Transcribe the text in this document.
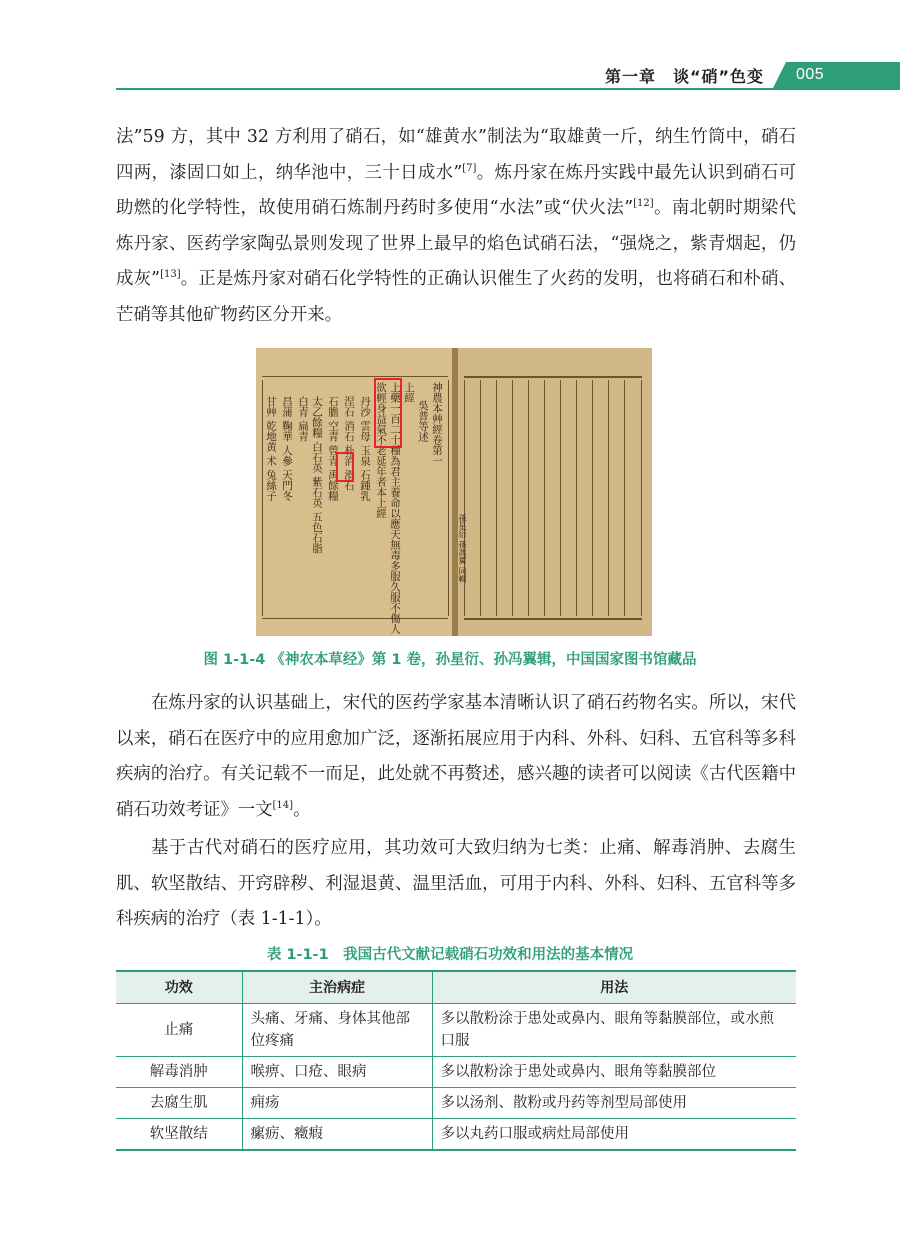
第一章　谈“硝”色变 005
法”59 方，其中 32 方利用了硝石，如“雄黄水”制法为“取雄黄一斤，纳生竹筒中，硝石四两，漆固口如上，纳华池中，三十日成水”[7]。炼丹家在炼丹实践中最先认识到硝石可助燃的化学特性，故使用硝石炼制丹药时多使用“水法”或“伏火法”[12]。南北朝时期梁代炼丹家、医药学家陶弘景则发现了世界上最早的焰色试硝石法，“强烧之，紫青烟起，仍成灰”[13]。正是炼丹家对硝石化学特性的正确认识催生了火药的发明，也将硝石和朴硝、芒硝等其他矿物药区分开来。
神農本艸經卷第一
吳普等述
上經
上藥一百二十種為君主養命以應天無毒多服久服不傷人
欲輕身益氣不老延年者本上經
丹沙 雲母 玉泉 石鍾乳
涅石 消石 朴消 滑石
石膽 空青 曾青 禹餘糧
太乙餘糧 白石英 紫石英 五色石脂
白青 扁青
昌蒲 鞠華 人參 天門冬
甘艸 乾地黄 术 兔絲子
孫星衍 孫馮翼 同輯
图 1-1-4 《神农本草经》第 1 卷，孙星衍、孙冯翼辑，中国国家图书馆藏品
在炼丹家的认识基础上，宋代的医药学家基本清晰认识了硝石药物名实。所以，宋代以来，硝石在医疗中的应用愈加广泛，逐渐拓展应用于内科、外科、妇科、五官科等多科疾病的治疗。有关记载不一而足，此处就不再赘述，感兴趣的读者可以阅读《古代医籍中硝石功效考证》一文[14]。
基于古代对硝石的医疗应用，其功效可大致归纳为七类：止痛、解毒消肿、去腐生肌、软坚散结、开窍辟秽、利湿退黄、温里活血，可用于内科、外科、妇科、五官科等多科疾病的治疗（表 1-1-1）。
表 1-1-1　我国古代文献记载硝石功效和用法的基本情况
功效	主治病症	用法
止痛	头痛、牙痛、身体其他部位疼痛	多以散粉涂于患处或鼻内、眼角等黏膜部位，或水煎口服
解毒消肿	喉痹、口疮、眼病	多以散粉涂于患处或鼻内、眼角等黏膜部位
去腐生肌	痈疡	多以汤剂、散粉或丹药等剂型局部使用
软坚散结	瘰疬、癥瘕	多以丸药口服或病灶局部使用
